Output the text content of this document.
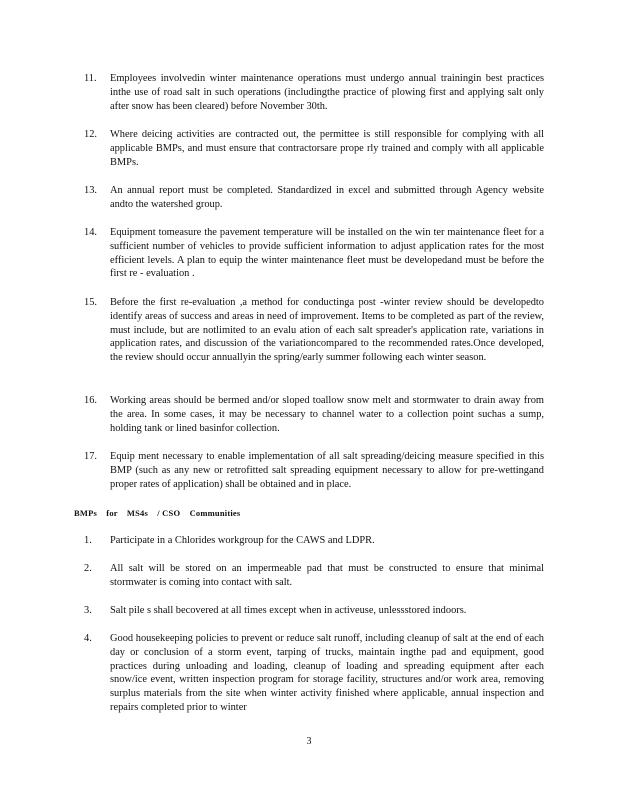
11.	Employees involvedin winter maintenance operations must undergo annual trainingin best practices inthe use of road salt in such operations (includingthe practice of plowing first and applying salt only after snow has been cleared) before November 30th.
12.	Where deicing activities are contracted out, the permittee is still responsible for complying with all applicable BMPs, and must ensure that contractorsare prope rly trained and comply with all applicable BMPs.
13.	An annual report must be completed. Standardized in excel and submitted through Agency website andto the watershed group.
14.	Equipment tomeasure the pavement temperature will be installed on the win ter maintenance fleet for a sufficient number of vehicles to provide sufficient information to adjust application rates for the most efficient levels. A plan to equip the winter maintenance fleet must be developedand must be before the first re - evaluation .
15.	Before the first re-evaluation ,a method for conductinga post -winter review should be developedto identify areas of success and areas in need of improvement. Items to be completed as part of the review, must include, but are notlimited to an evalu ation of each salt spreader's application rate, variations in application rates, and discussion of the variationcompared to the recommended rates.Once developed, the review should occur annuallyin the spring/early summer following each winter season.
16.	Working areas should be bermed and/or sloped toallow snow melt and stormwater to drain away from the area. In some cases, it may be necessary to channel water to a collection point suchas a sump, holding tank or lined basinfor collection.
17.	Equip ment necessary to enable implementation of all salt spreading/deicing measure specified in this BMP (such as any new or retrofitted salt spreading equipment necessary to allow for pre-wettingand proper rates of application) shall be obtained and in place.
BMPs    for    MS4s    / CSO    Communities
1.	Participate in a Chlorides workgroup for the CAWS and LDPR.
2.	All salt will be stored on an impermeable pad that must be constructed to ensure that minimal stormwater is coming into contact with salt.
3.	Salt pile s shall becovered at all times except when in activeuse, unlessstored indoors.
4.	Good housekeeping policies to prevent or reduce salt runoff, including cleanup of salt at the end of each day or conclusion of a storm event, tarping of trucks, maintain ingthe pad and equipment, good practices during unloading and loading, cleanup of loading and spreading equipment after each snow/ice event, written inspection program for storage facility, structures and/or work area, removing surplus materials from the site when winter activity finished where applicable, annual inspection and repairs completed prior to winter
3
